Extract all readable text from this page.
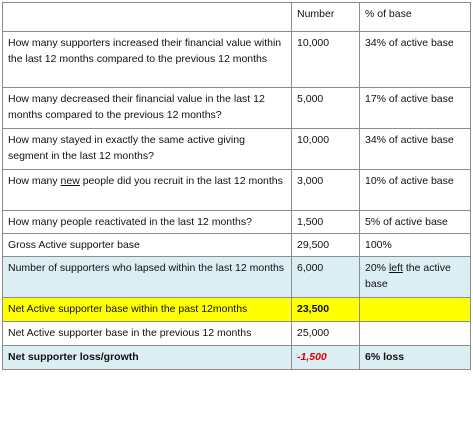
	Number	% of base
How many supporters increased their financial value within the last 12 months compared to the previous 12 months	10,000	34% of active base
How many decreased their financial value in the last 12 months compared to the previous 12 months?	5,000	17% of active base
How many stayed in exactly the same active giving segment in the last 12 months?	10,000	34% of active base
How many new people did you recruit in the last 12 months	3,000	10% of active base
How many people reactivated in the last 12 months?	1,500	5% of active base
Gross Active supporter base	29,500	100%
Number of supporters who lapsed within the last 12 months	6,000	20% left the active base
Net Active supporter base within the past 12months	23,500	
Net Active supporter base in the previous 12 months	25,000	
Net supporter loss/growth	-1,500	6% loss
